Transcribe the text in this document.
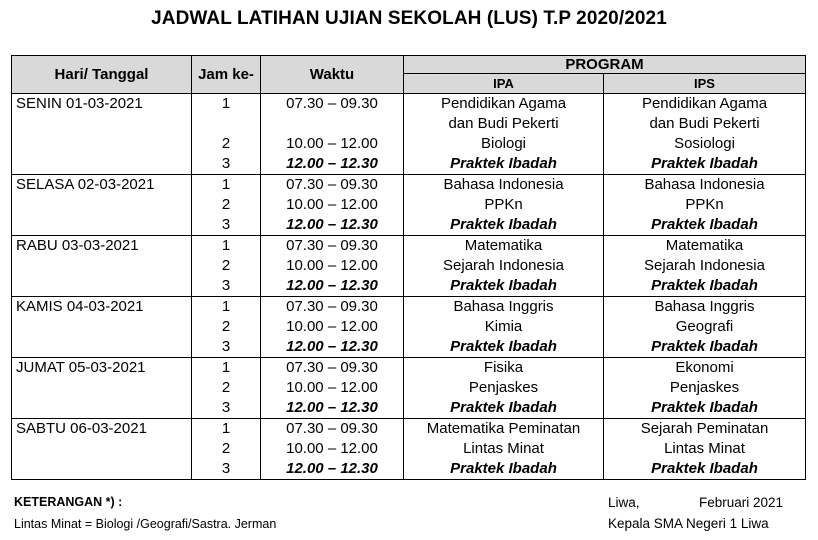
JADWAL LATIHAN UJIAN SEKOLAH (LUS) T.P 2020/2021
Hari/ Tanggal	Jam ke-	Waktu	PROGRAM	
			IPA	IPS
SENIN 01-03-2021	1	07.30 – 09.30	Pendidikan Agama	Pendidikan Agama
			dan Budi Pekerti	dan Budi Pekerti
	2	10.00 – 12.00	Biologi	Sosiologi
	3	12.00 – 12.30	Praktek Ibadah	Praktek Ibadah
SELASA 02-03-2021	1	07.30 – 09.30	Bahasa Indonesia	Bahasa Indonesia
	2	10.00 – 12.00	PPKn	PPKn
	3	12.00 – 12.30	Praktek Ibadah	Praktek Ibadah
RABU 03-03-2021	1	07.30 – 09.30	Matematika	Matematika
	2	10.00 – 12.00	Sejarah Indonesia	Sejarah Indonesia
	3	12.00 – 12.30	Praktek Ibadah	Praktek Ibadah
KAMIS 04-03-2021	1	07.30 – 09.30	Bahasa Inggris	Bahasa Inggris
	2	10.00 – 12.00	Kimia	Geografi
	3	12.00 – 12.30	Praktek Ibadah	Praktek Ibadah
JUMAT 05-03-2021	1	07.30 – 09.30	Fisika	Ekonomi
	2	10.00 – 12.00	Penjaskes	Penjaskes
	3	12.00 – 12.30	Praktek Ibadah	Praktek Ibadah
SABTU 06-03-2021	1	07.30 – 09.30	Matematika Peminatan	Sejarah Peminatan
	2	10.00 – 12.00	Lintas Minat	Lintas Minat
	3	12.00 – 12.30	Praktek Ibadah	Praktek Ibadah
KETERANGAN *) :
Lintas Minat = Biologi /Geografi/Sastra. Jerman
Liwa,	Februari 2021
Kepala SMA Negeri 1 Liwa
